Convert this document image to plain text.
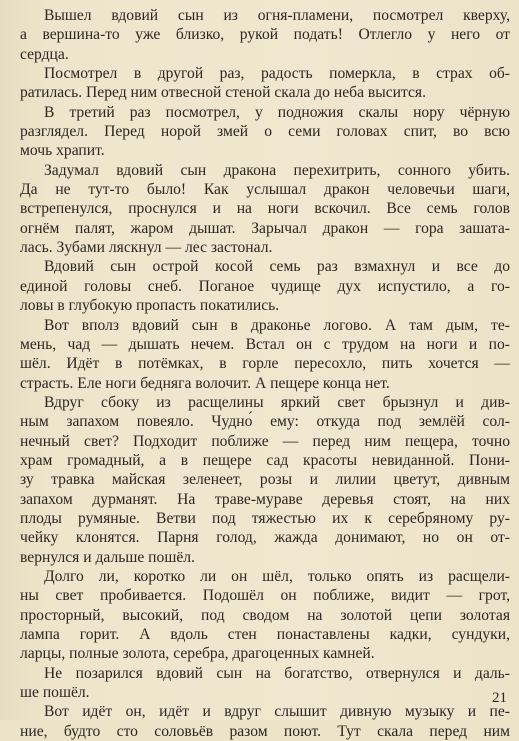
Вышел вдовий сын из огня-пламени, посмотрел кверху,
а вершина-то уже близко, рукой подать! Отлегло у него от
сердца.
Посмотрел в другой раз, радость померкла, в страх об-
ратилась. Перед ним отвесной стеной скала до неба высится.
В третий раз посмотрел, у подножия скалы нору чёрную
разглядел. Перед норой змей о семи головах спит, во всю
мочь храпит.
Задумал вдовий сын дракона перехитрить, сонного убить.
Да не тут-то было! Как услышал дракон человечьи шаги,
встрепенулся, проснулся и на ноги вскочил. Все семь голов
огнём палят, жаром дышат. Зарычал дракон — гора зашата-
лась. Зубами ляскнул — лес застонал.
Вдовий сын острой косой семь раз взмахнул и все до
единой головы снеб. Поганое чудище дух испустило, а го-
ловы в глубокую пропасть покатились.
Вот вполз вдовий сын в драконье логово. А там дым, те-
мень, чад — дышать нечем. Встал он с трудом на ноги и по-
шёл. Идёт в потёмках, в горле пересохло, пить хочется —
страсть. Еле ноги бедняга волочит. А пещере конца нет.
Вдруг сбоку из расщелины яркий свет брызнул и див-
ным запахом повеяло. Чудно́ ему: откуда под землёй сол-
нечный свет? Подходит поближе — перед ним пещера, точно
храм громадный, а в пещере сад красоты невиданной. Пони-
зу травка майская зеленеет, розы и лилии цветут, дивным
запахом дурманят. На траве-мураве деревья стоят, на них
плоды румяные. Ветви под тяжестью их к серебряному ру-
чейку клонятся. Парня голод, жажда донимают, но он от-
вернулся и дальше пошёл.
Долго ли, коротко ли он шёл, только опять из расщели-
ны свет пробивается. Подошёл он поближе, видит — грот,
просторный, высокий, под сводом на золотой цепи золотая
лампа горит. А вдоль стен понаставлены кадки, сундуки,
ларцы, полные золота, серебра, драгоценных камней.
Не позарился вдовий сын на богатство, отвернулся и даль-
ше пошёл.
Вот идёт он, идёт и вдруг слышит дивную музыку и пе-
ние, будто сто соловьёв разом поют. Тут скала перед ним
21
